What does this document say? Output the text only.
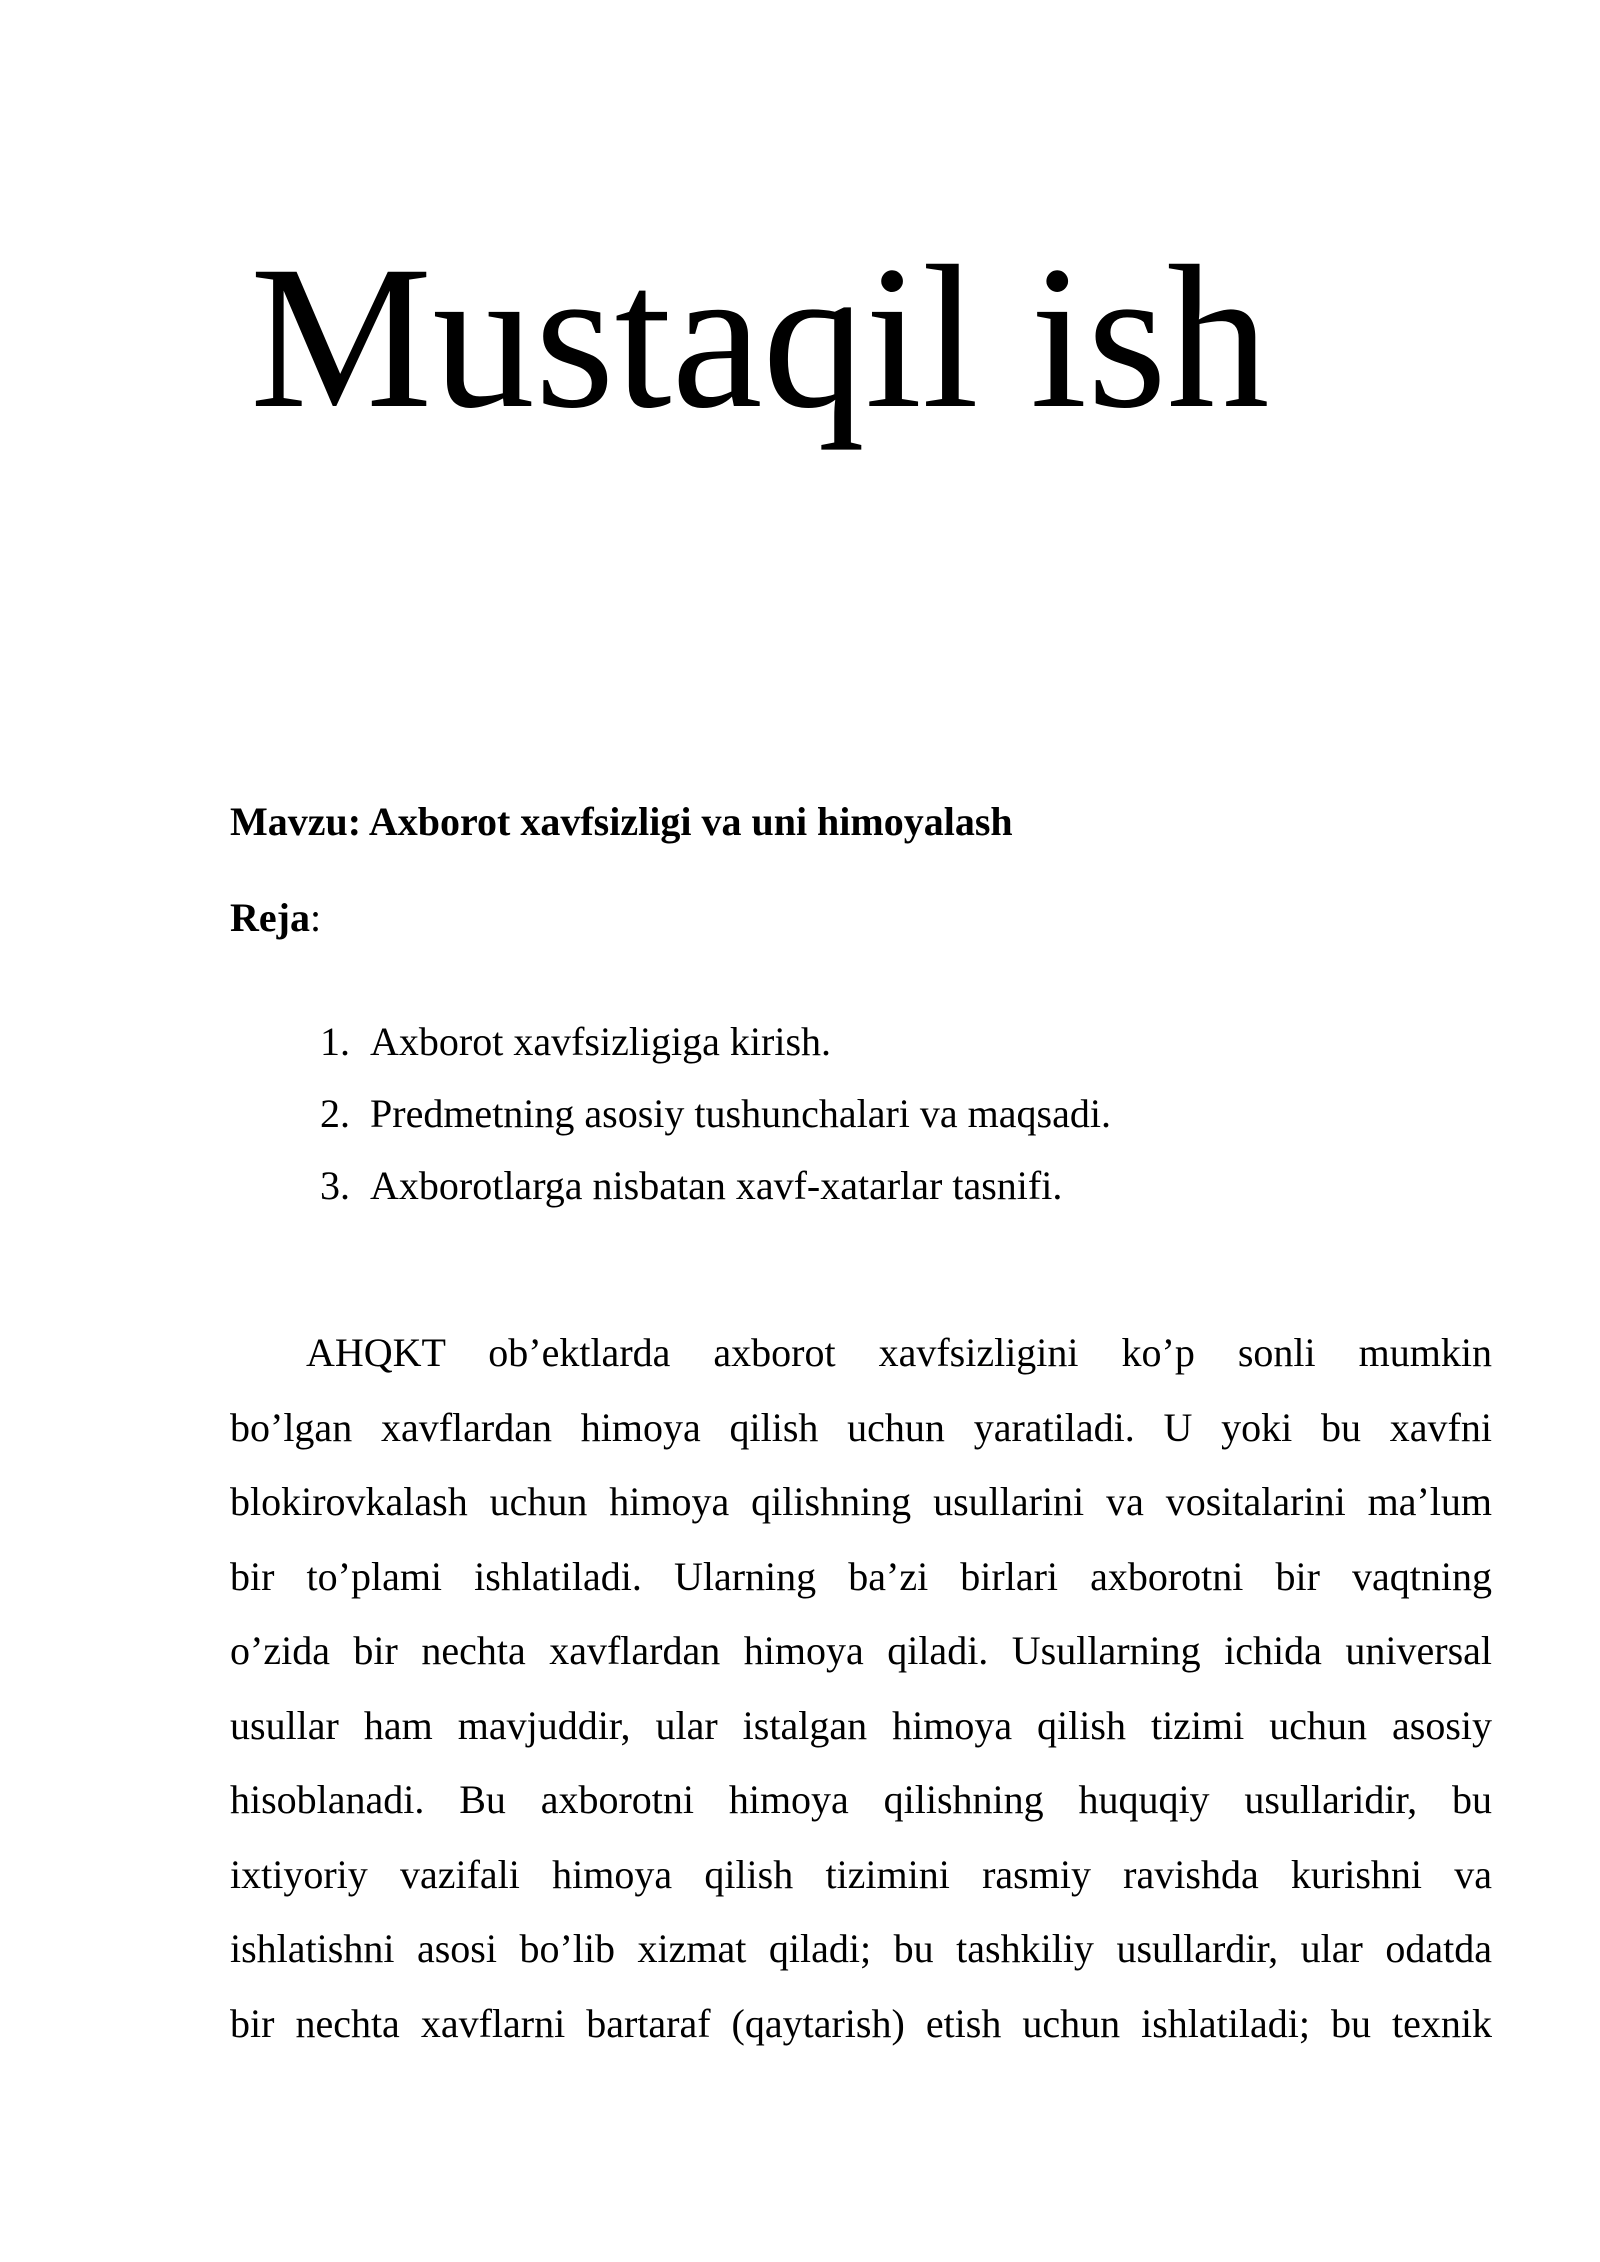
Mustaqil ish

Mavzu: Axborot xavfsizligi va uni himoyalash

Reja:

1. Axborot xavfsizligiga kirish.
2. Predmetning asosiy tushunchalari va maqsadi.
3. Axborotlarga nisbatan xavf-xatarlar tasnifi.
AHQKT ob’ektlarda axborot xavfsizligini ko’p sonli mumkin
bo’lgan xavflardan himoya qilish uchun yaratiladi. U yoki bu xavfni
blokirovkalash uchun himoya qilishning usullarini va vositalarini ma’lum
bir to’plami ishlatiladi. Ularning ba’zi birlari axborotni bir vaqtning
o’zida bir nechta xavflardan himoya qiladi. Usullarning ichida universal
usullar ham mavjuddir, ular istalgan himoya qilish tizimi uchun asosiy
hisoblanadi. Bu axborotni himoya qilishning huquqiy usullaridir, bu
ixtiyoriy vazifali himoya qilish tizimini rasmiy ravishda kurishni va
ishlatishni asosi bo’lib xizmat qiladi; bu tashkiliy usullardir, ular odatda
bir nechta xavflarni bartaraf (qaytarish) etish uchun ishlatiladi; bu texnik
